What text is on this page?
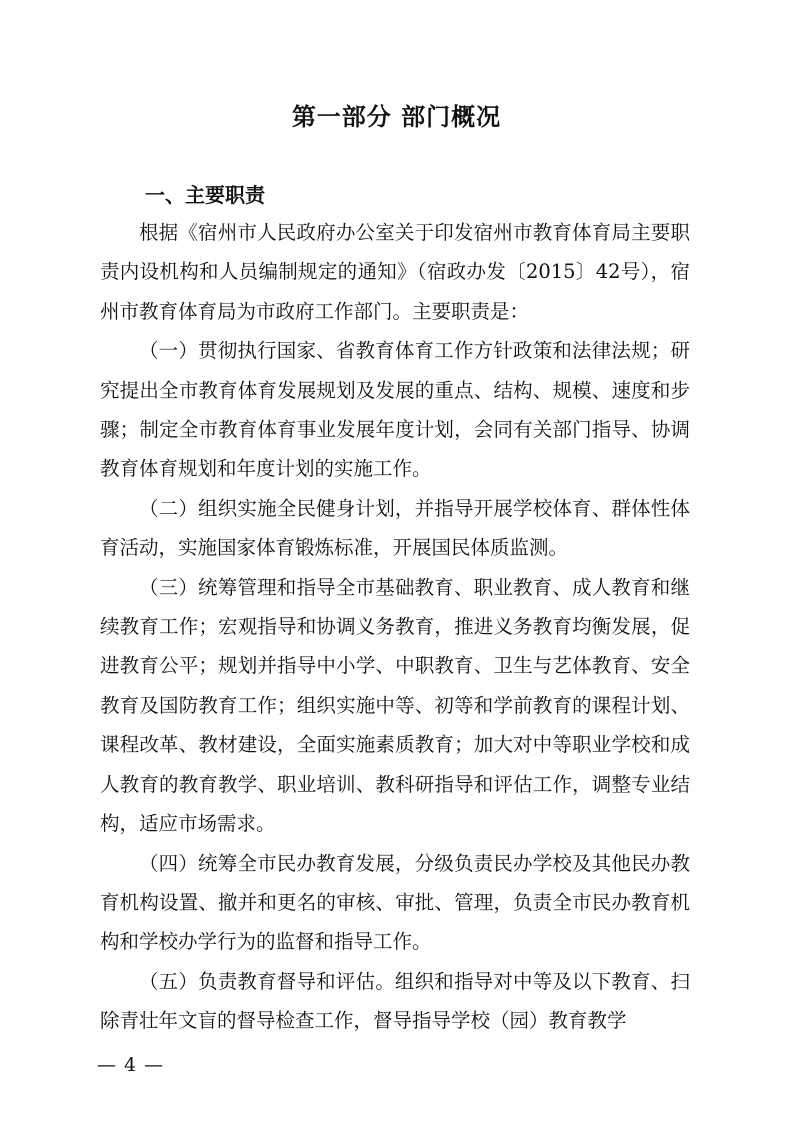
第一部分 部门概况
一、主要职责

根据《宿州市人民政府办公室关于印发宿州市教育体育局主要职责内设机构和人员编制规定的通知》（宿政办发〔2015〕42号），宿州市教育体育局为市政府工作部门。主要职责是：

（一）贯彻执行国家、省教育体育工作方针政策和法律法规；研究提出全市教育体育发展规划及发展的重点、结构、规模、速度和步骤；制定全市教育体育事业发展年度计划，会同有关部门指导、协调教育体育规划和年度计划的实施工作。

（二）组织实施全民健身计划，并指导开展学校体育、群体性体育活动，实施国家体育锻炼标准，开展国民体质监测。

（三）统筹管理和指导全市基础教育、职业教育、成人教育和继续教育工作；宏观指导和协调义务教育，推进义务教育均衡发展，促进教育公平；规划并指导中小学、中职教育、卫生与艺体教育、安全教育及国防教育工作；组织实施中等、初等和学前教育的课程计划、课程改革、教材建设，全面实施素质教育；加大对中等职业学校和成人教育的教育教学、职业培训、教科研指导和评估工作，调整专业结构，适应市场需求。

（四）统筹全市民办教育发展，分级负责民办学校及其他民办教育机构设置、撤并和更名的审核、审批、管理，负责全市民办教育机构和学校办学行为的监督和指导工作。

（五）负责教育督导和评估。组织和指导对中等及以下教育、扫除青壮年文盲的督导检查工作，督导指导学校（园）教育教学

— 4 —
